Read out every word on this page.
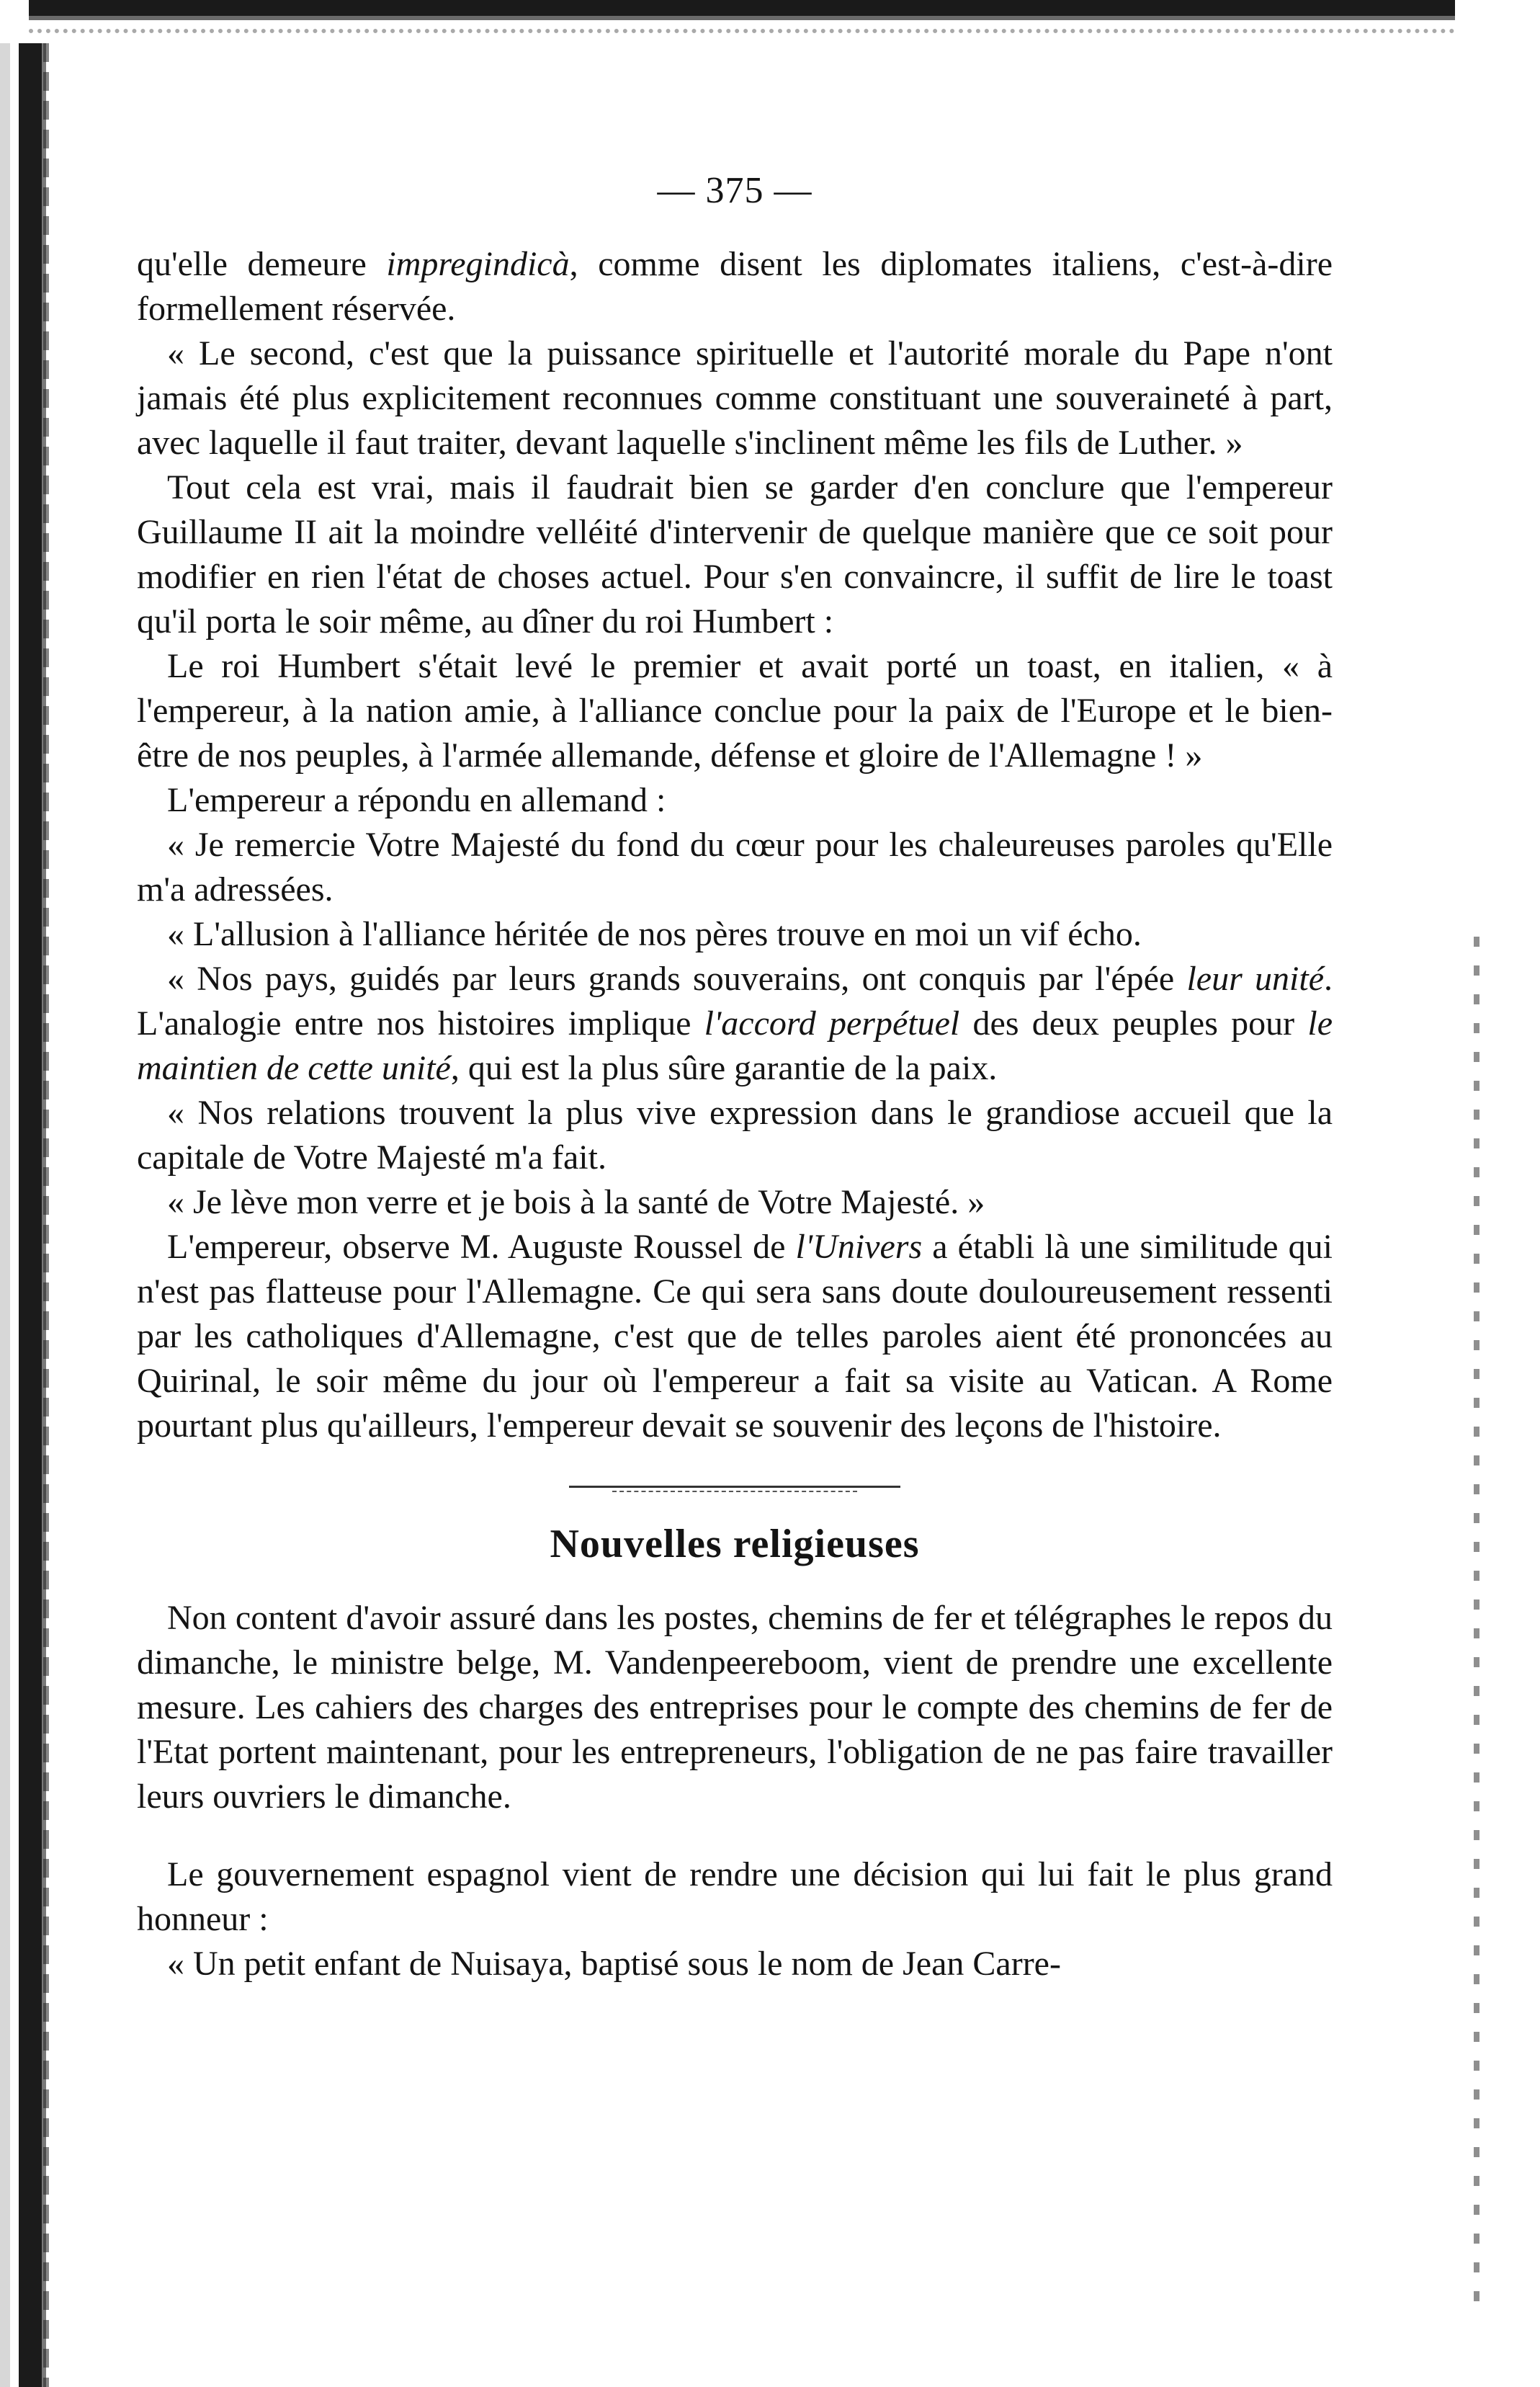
— 375 —

qu'elle demeure impregindicà, comme disent les diplomates italiens, c'est-à-dire formellement réservée.

« Le second, c'est que la puissance spirituelle et l'autorité morale du Pape n'ont jamais été plus explicitement reconnues comme constituant une souveraineté à part, avec laquelle il faut traiter, devant laquelle s'inclinent même les fils de Luther. »

Tout cela est vrai, mais il faudrait bien se garder d'en conclure que l'empereur Guillaume II ait la moindre velléité d'intervenir de quelque manière que ce soit pour modifier en rien l'état de choses actuel. Pour s'en convaincre, il suffit de lire le toast qu'il porta le soir même, au dîner du roi Humbert :

Le roi Humbert s'était levé le premier et avait porté un toast, en italien, « à l'empereur, à la nation amie, à l'alliance conclue pour la paix de l'Europe et le bien-être de nos peuples, à l'armée allemande, défense et gloire de l'Allemagne ! »

L'empereur a répondu en allemand :

« Je remercie Votre Majesté du fond du cœur pour les chaleureuses paroles qu'Elle m'a adressées.

« L'allusion à l'alliance héritée de nos pères trouve en moi un vif écho.

« Nos pays, guidés par leurs grands souverains, ont conquis par l'épée leur unité. L'analogie entre nos histoires implique l'accord perpétuel des deux peuples pour le maintien de cette unité, qui est la plus sûre garantie de la paix.

« Nos relations trouvent la plus vive expression dans le grandiose accueil que la capitale de Votre Majesté m'a fait.

« Je lève mon verre et je bois à la santé de Votre Majesté. »

L'empereur, observe M. Auguste Roussel de l'Univers a établi là une similitude qui n'est pas flatteuse pour l'Allemagne. Ce qui sera sans doute douloureusement ressenti par les catholiques d'Allemagne, c'est que de telles paroles aient été prononcées au Quirinal, le soir même du jour où l'empereur a fait sa visite au Vatican. A Rome pourtant plus qu'ailleurs, l'empereur devait se souvenir des leçons de l'histoire.

Nouvelles religieuses

Non content d'avoir assuré dans les postes, chemins de fer et télégraphes le repos du dimanche, le ministre belge, M. Vandenpeereboom, vient de prendre une excellente mesure. Les cahiers des charges des entreprises pour le compte des chemins de fer de l'Etat portent maintenant, pour les entrepreneurs, l'obligation de ne pas faire travailler leurs ouvriers le dimanche.

Le gouvernement espagnol vient de rendre une décision qui lui fait le plus grand honneur :

« Un petit enfant de Nuisaya, baptisé sous le nom de Jean Carre-
